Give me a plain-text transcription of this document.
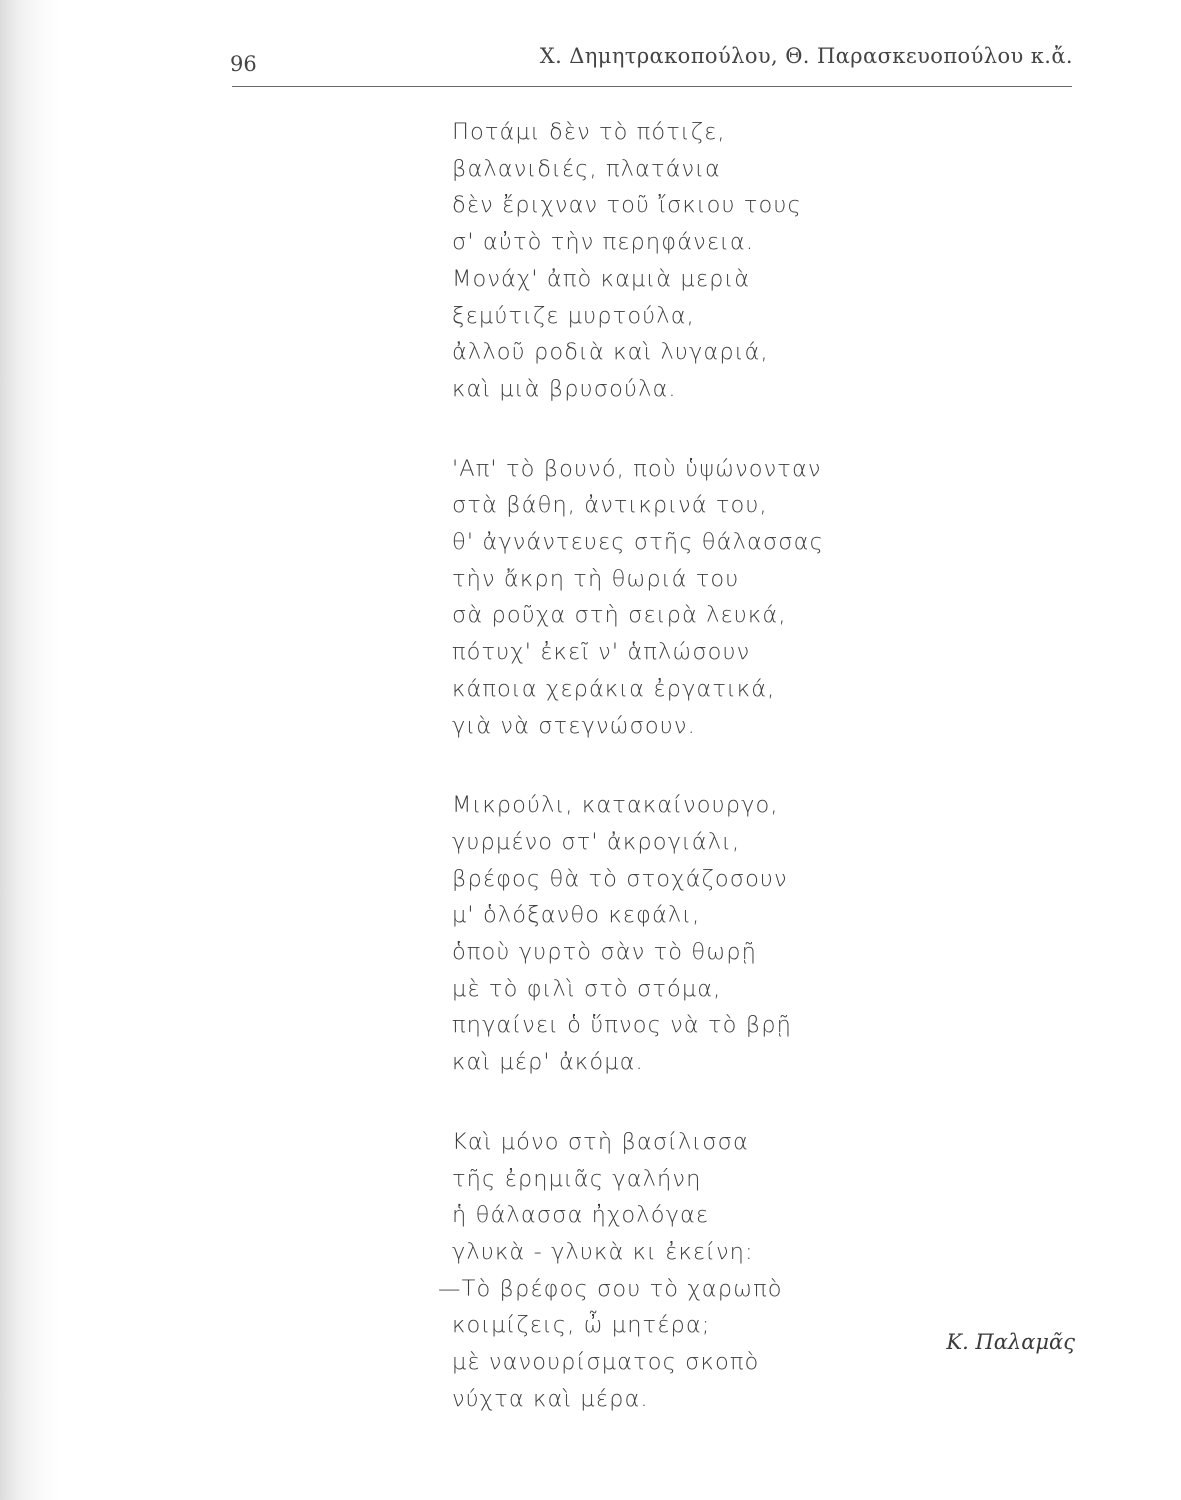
96	Χ. Δημητρακοπούλου, Θ. Παρασκευοπούλου κ.ἄ.
Ποτάμι δὲν τὸ πότιζε,
βαλανιδιές, πλατάνια
δὲν ἔριχναν τοῦ ἴσκιου τους
σ' αὐτὸ τὴν περηφάνεια.
Μονάχ' ἀπὸ καμιὰ μεριὰ
ξεμύτιζε μυρτούλα,
ἀλλοῦ ροδιὰ καὶ λυγαριά,
καὶ μιὰ βρυσούλα.
'Απ' τὸ βουνό, ποὺ ὑψώνονταν
στὰ βάθη, ἀντικρινά του,
θ' ἀγνάντευες στῆς θάλασσας
τὴν ἄκρη τὴ θωριά του
σὰ ροῦχα στὴ σειρὰ λευκά,
πότυχ' ἐκεῖ ν' ἁπλώσουν
κάποια χεράκια ἐργατικά,
γιὰ νὰ στεγνώσουν.
Μικρούλι, κατακαίνουργο,
γυρμένο στ' ἀκρογιάλι,
βρέφος θὰ τὸ στοχάζοσουν
μ' ὁλόξανθο κεφάλι,
ὁποὺ γυρτὸ σὰν τὸ θωρῇ
μὲ τὸ φιλὶ στὸ στόμα,
πηγαίνει ὁ ὕπνος νὰ τὸ βρῇ
καὶ μέρ' ἀκόμα.
Καὶ μόνο στὴ βασίλισσα
τῆς ἐρημιᾶς γαλήνη
ἡ θάλασσα ἠχολόγαε
γλυκὰ - γλυκὰ κι ἐκείνη:
—Τὸ βρέφος σου τὸ χαρωπὸ
κοιμίζεις, ὦ μητέρα;
μὲ νανουρίσματος σκοπὸ
νύχτα καὶ μέρα.
Κ. Παλαμᾶς
